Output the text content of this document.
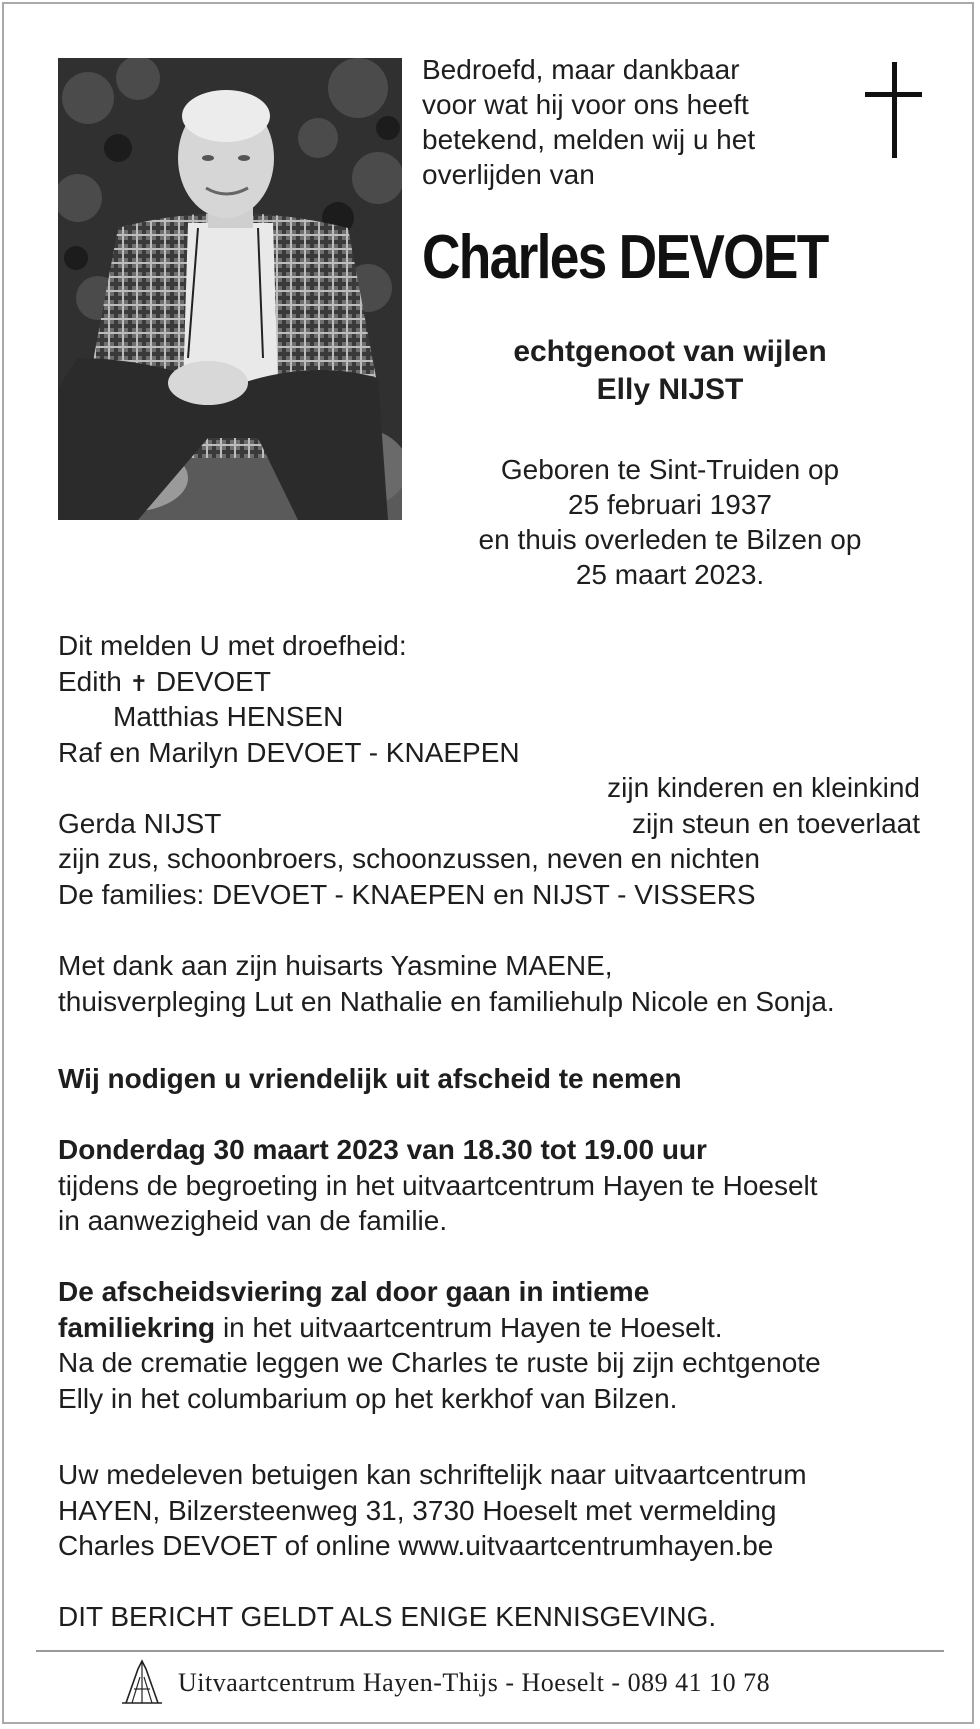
Bedroefd, maar dankbaar
voor wat hij voor ons heeft
betekend, melden wij u het
overlijden van
Charles DEVOET
echtgenoot van wijlen
Elly NIJST
Geboren te Sint-Truiden op
25 februari 1937
en thuis overleden te Bilzen op
25 maart 2023.
Dit melden U met droefheid:
Edith ✝ DEVOET
Matthias HENSEN
Raf en Marilyn DEVOET - KNAEPEN
zijn kinderen en kleinkind
Gerda NIJST	zijn steun en toeverlaat
zijn zus, schoonbroers, schoonzussen, neven en nichten
De families: DEVOET - KNAEPEN en NIJST - VISSERS
Met dank aan zijn huisarts Yasmine MAENE,
thuisverpleging Lut en Nathalie en familiehulp Nicole en Sonja.
Wij nodigen u vriendelijk uit afscheid te nemen
Donderdag 30 maart 2023 van 18.30 tot 19.00 uur
tijdens de begroeting in het uitvaartcentrum Hayen te Hoeselt
in aanwezigheid van de familie.
De afscheidsviering zal door gaan in intieme
familiekring in het uitvaartcentrum Hayen te Hoeselt.
Na de crematie leggen we Charles te ruste bij zijn echtgenote
Elly in het columbarium op het kerkhof van Bilzen.
Uw medeleven betuigen kan schriftelijk naar uitvaartcentrum
HAYEN, Bilzersteenweg 31, 3730 Hoeselt met vermelding
Charles DEVOET of online www.uitvaartcentrumhayen.be
DIT BERICHT GELDT ALS ENIGE KENNISGEVING.
Uitvaartcentrum Hayen-Thijs - Hoeselt - 089 41 10 78
